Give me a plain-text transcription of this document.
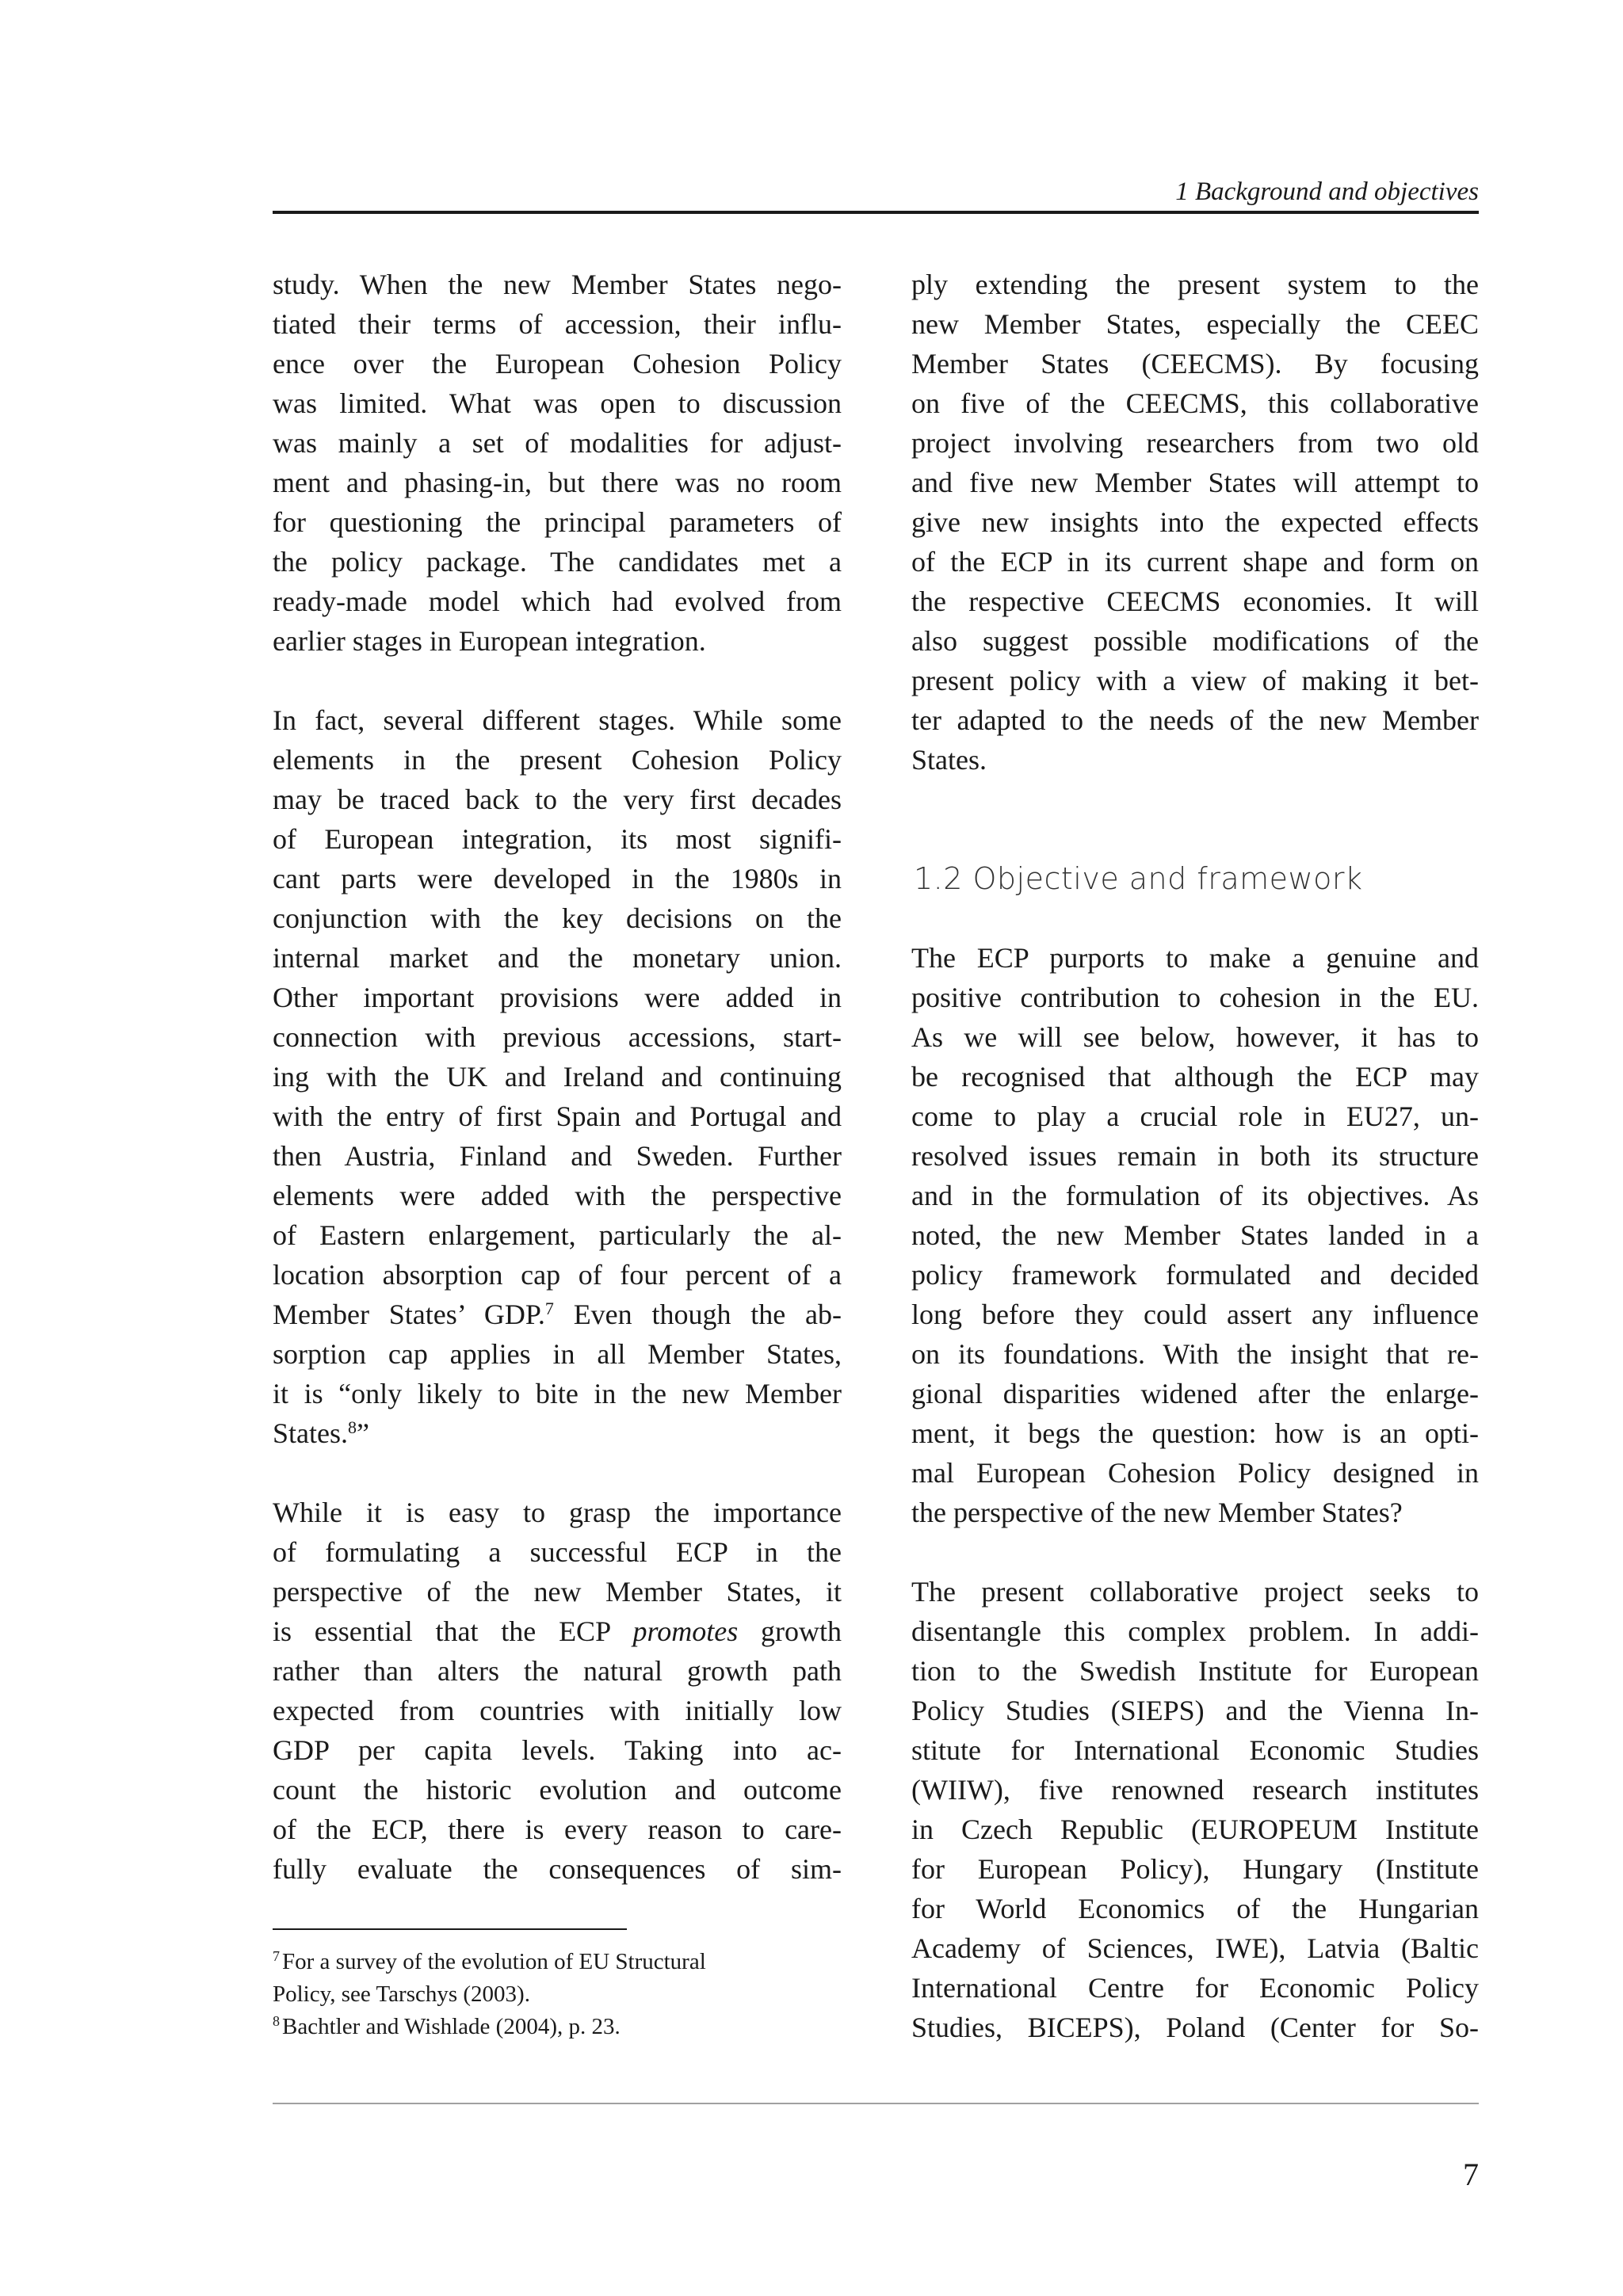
1 Background and objectives
study. When the new Member States nego-
tiated their terms of accession, their influ-
ence over the European Cohesion Policy
was limited. What was open to discussion
was mainly a set of modalities for adjust-
ment and phasing-in, but there was no room
for questioning the principal parameters of
the policy package. The candidates met a
ready-made model which had evolved from
earlier stages in European integration.
In fact, several different stages. While some
elements in the present Cohesion Policy
may be traced back to the very first decades
of European integration, its most signifi-
cant parts were developed in the 1980s in
conjunction with the key decisions on the
internal market and the monetary union.
Other important provisions were added in
connection with previous accessions, start-
ing with the UK and Ireland and continuing
with the entry of first Spain and Portugal and
then Austria, Finland and Sweden. Further
elements were added with the perspective
of Eastern enlargement, particularly the al-
location absorption cap of four percent of a
Member States’ GDP.$^7$ Even though the ab-
sorption cap applies in all Member States,
it is “only likely to bite in the new Member
States.$^8$”
While it is easy to grasp the importance
of formulating a successful ECP in the
perspective of the new Member States, it
is essential that the ECP promotes growth
rather than alters the natural growth path
expected from countries with initially low
GDP per capita levels. Taking into ac-
count the historic evolution and outcome
of the ECP, there is every reason to care-
fully evaluate the consequences of sim-
ply extending the present system to the
new Member States, especially the CEEC
Member States (CEECMS). By focusing
on five of the CEECMS, this collaborative
project involving researchers from two old
and five new Member States will attempt to
give new insights into the expected effects
of the ECP in its current shape and form on
the respective CEECMS economies. It will
also suggest possible modifications of the
present policy with a view of making it bet-
ter adapted to the needs of the new Member
States.
The ECP purports to make a genuine and
positive contribution to cohesion in the EU.
As we will see below, however, it has to
be recognised that although the ECP may
come to play a crucial role in EU27, un-
resolved issues remain in both its structure
and in the formulation of its objectives. As
noted, the new Member States landed in a
policy framework formulated and decided
long before they could assert any influence
on its foundations. With the insight that re-
gional disparities widened after the enlarge-
ment, it begs the question: how is an opti-
mal European Cohesion Policy designed in
the perspective of the new Member States?
The present collaborative project seeks to
disentangle this complex problem. In addi-
tion to the Swedish Institute for European
Policy Studies (SIEPS) and the Vienna In-
stitute for International Economic Studies
(WIIW), five renowned research institutes
in Czech Republic (EUROPEUM Institute
for European Policy), Hungary (Institute
for World Economics of the Hungarian
Academy of Sciences, IWE), Latvia (Baltic
International Centre for Economic Policy
Studies, BICEPS), Poland (Center for So-
1.2 Objective and framework
$^7$ For a survey of the evolution of EU Structural
Policy, see Tarschys (2003).
$^8$ Bachtler and Wishlade (2004), p. 23.
7
